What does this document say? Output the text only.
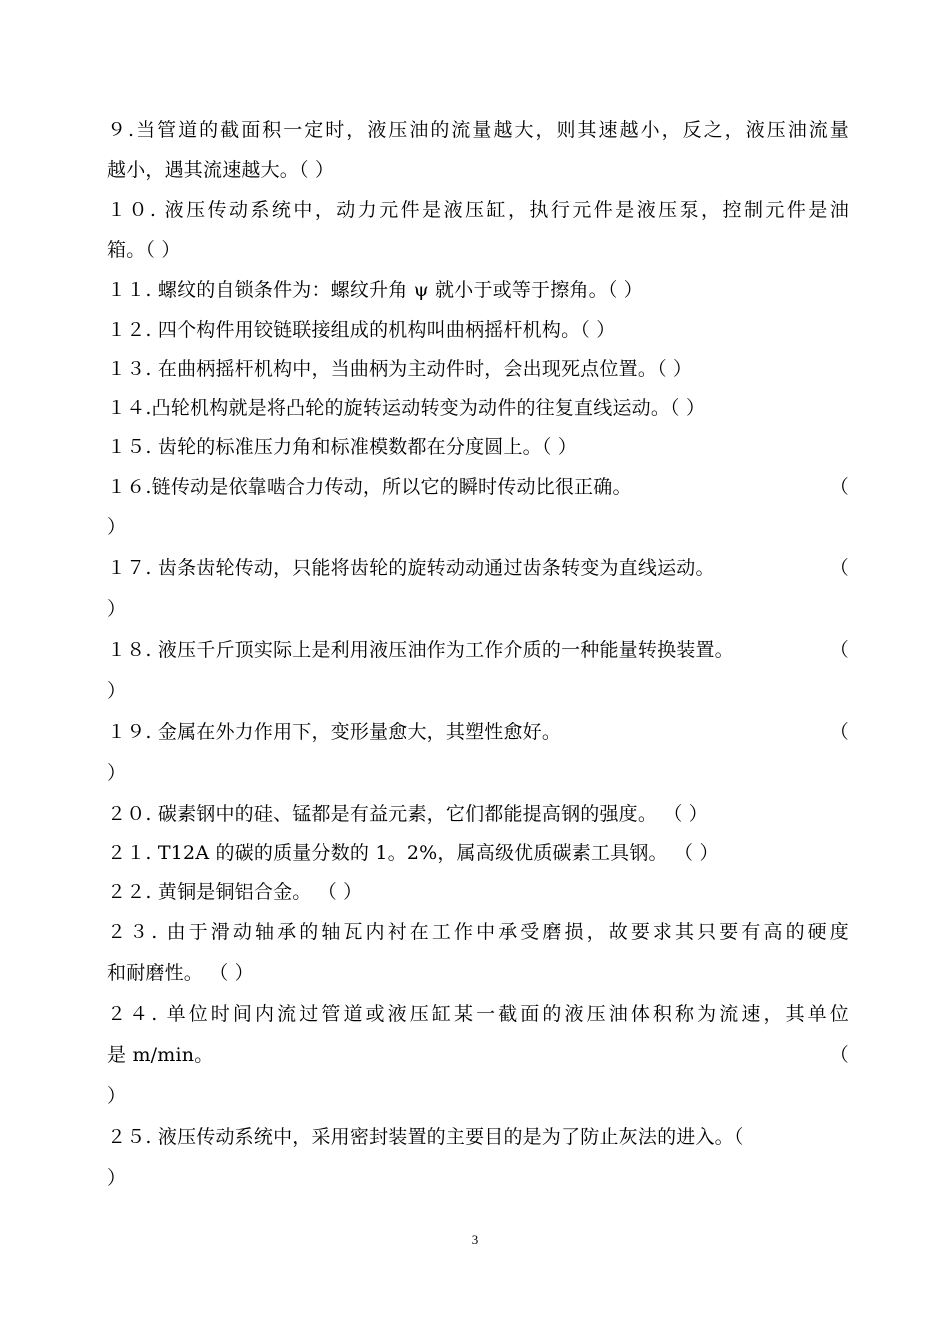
９.当管道的截面积一定时，液压油的流量越大，则其速越小，反之，液压油流量
越小，遇其流速越大。（ ）
１０. 液压传动系统中，动力元件是液压缸，执行元件是液压泵，控制元件是油
箱。（ ）
１１. 螺纹的自锁条件为：螺纹升角 ψ 就小于或等于擦角。（ ）
１２. 四个构件用铰链联接组成的机构叫曲柄摇杆机构。（ ）
１３. 在曲柄摇杆机构中，当曲柄为主动件时，会出现死点位置。（ ）
１４.凸轮机构就是将凸轮的旋转运动转变为动件的往复直线运动。（ ）
１５. 齿轮的标准压力角和标准模数都在分度圆上。（ ）
１６.链传动是依靠啮合力传动，所以它的瞬时传动比很正确。	（
）
１７. 齿条齿轮传动，只能将齿轮的旋转动动通过齿条转变为直线运动。	（
）
１８. 液压千斤顶实际上是利用液压油作为工作介质的一种能量转换装置。	（
）
１９. 金属在外力作用下，变形量愈大，其塑性愈好。	（
）
２０. 碳素钢中的硅、锰都是有益元素，它们都能提高钢的强度。 （ ）
２１. T12A 的碳的质量分数的 1。2%，属高级优质碳素工具钢。 （ ）
２２. 黄铜是铜铝合金。 （ ）
２３. 由于滑动轴承的轴瓦内衬在工作中承受磨损，故要求其只要有高的硬度
和耐磨性。 （ ）
２４. 单位时间内流过管道或液压缸某一截面的液压油体积称为流速，其单位
是 m/min。	（
）
２５. 液压传动系统中，采用密封装置的主要目的是为了防止灰法的进入。（
）
3
